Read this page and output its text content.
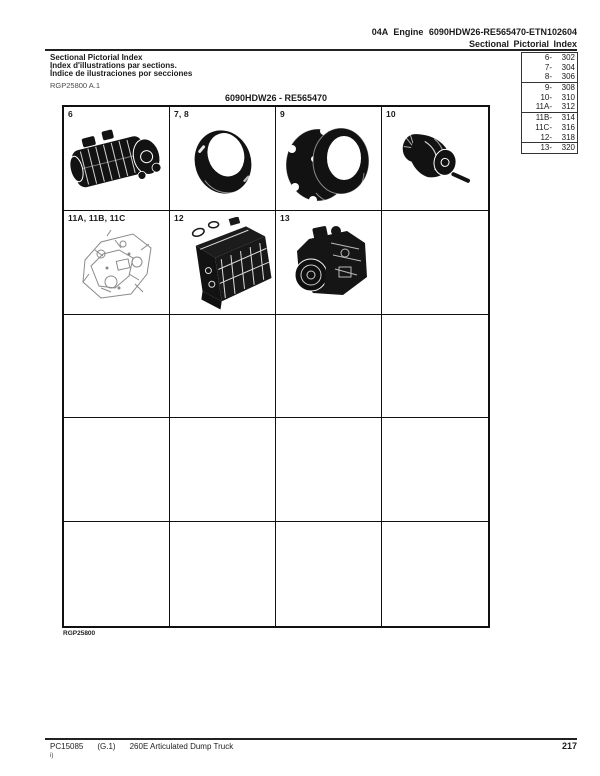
04A Engine 6090HDW26-RE565470-ETN102604
Sectional Pictorial Index
Sectional Pictorial Index
Index d'illustrations par sections.
Índice de ilustraciones por secciones
RGP25800 A.1
6-	302
7-	304
8-	306
9-	308
10-	310
11A-	312
11B-	314
11C-	316
12-	318
13-	320
6090HDW26 - RE565470
6	7, 8	9	10
11A, 11B, 11C	12	13
RGP25800
PC15085 (G.1) 260E Articulated Dump Truck	217
i)
